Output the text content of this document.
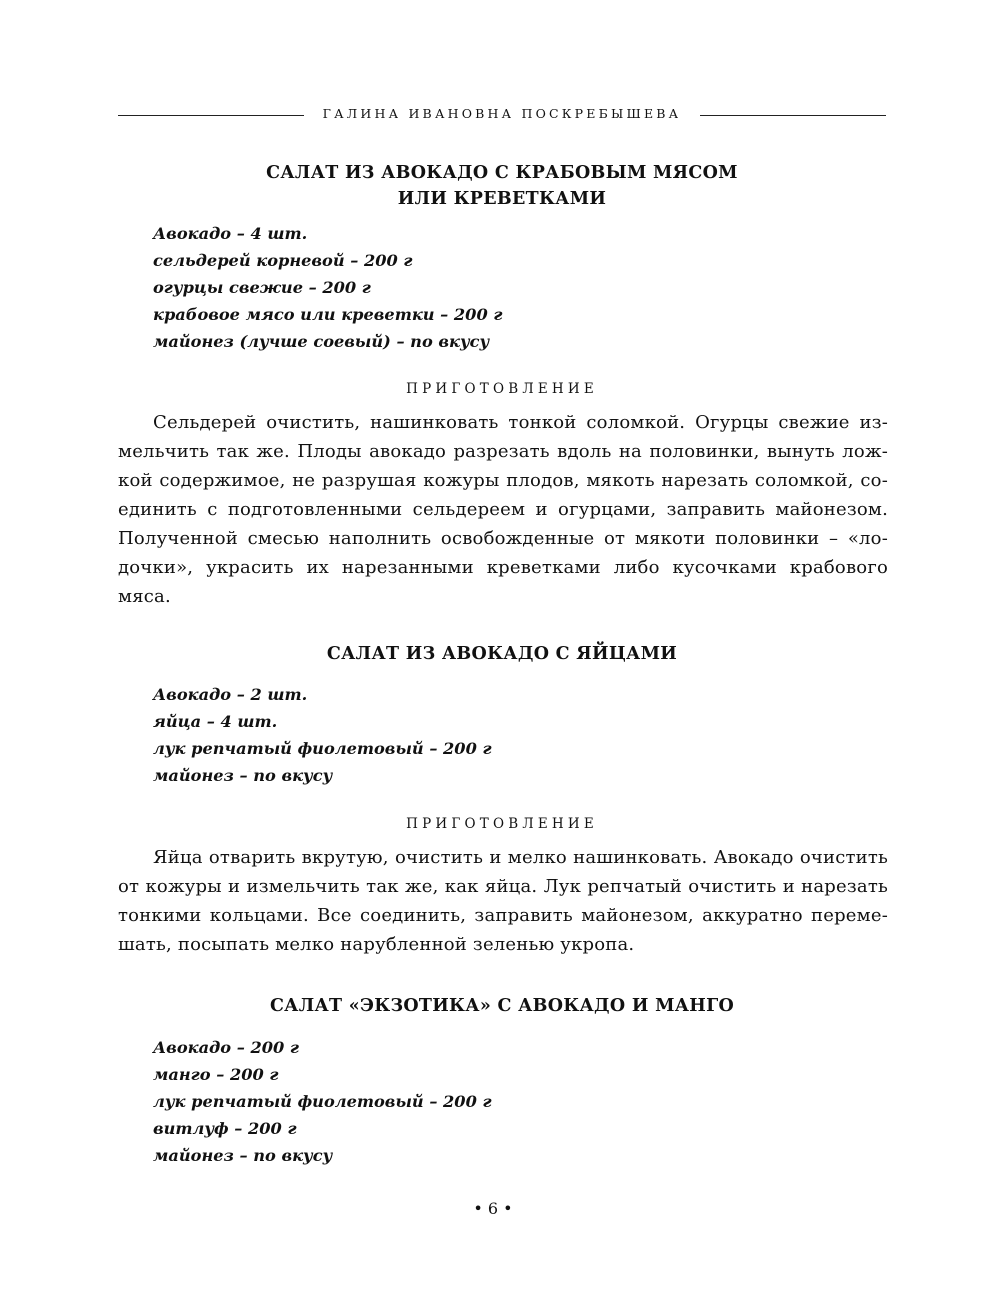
ГАЛИНА ИВАНОВНА ПОСКРЕБЫШЕВА
САЛАТ ИЗ АВОКАДО С КРАБОВЫМ МЯСОМ
ИЛИ КРЕВЕТКАМИ
Авокадо – 4 шт.
сельдерей корневой – 200 г
огурцы свежие – 200 г
крабовое мясо или креветки – 200 г
майонез (лучше соевый) – по вкусу
ПРИГОТОВЛЕНИЕ

Сельдерей очистить, нашинковать тонкой соломкой. Огурцы свежие из-
мельчить так же. Плоды авокадо разрезать вдоль на половинки, вынуть лож-
кой содержимое, не разрушая кожуры плодов, мякоть нарезать соломкой, со-
единить с подготовленными сельдереем и огурцами, заправить майонезом.
Полученной смесью наполнить освобожденные от мякоти половинки – «ло-
дочки», украсить их нарезанными креветками либо кусочками крабового
мяса.

САЛАТ ИЗ АВОКАДО С ЯЙЦАМИ
Авокадо – 2 шт.
яйца – 4 шт.
лук репчатый фиолетовый – 200 г
майонез – по вкусу
ПРИГОТОВЛЕНИЕ

Яйца отварить вкрутую, очистить и мелко нашинковать. Авокадо очистить
от кожуры и измельчить так же, как яйца. Лук репчатый очистить и нарезать
тонкими кольцами. Все соединить, заправить майонезом, аккуратно переме-
шать, посыпать мелко нарубленной зеленью укропа.

САЛАТ «ЭКЗОТИКА» С АВОКАДО И МАНГО
Авокадо – 200 г
манго – 200 г
лук репчатый фиолетовый – 200 г
витлуф – 200 г
майонез – по вкусу
• 6 •
